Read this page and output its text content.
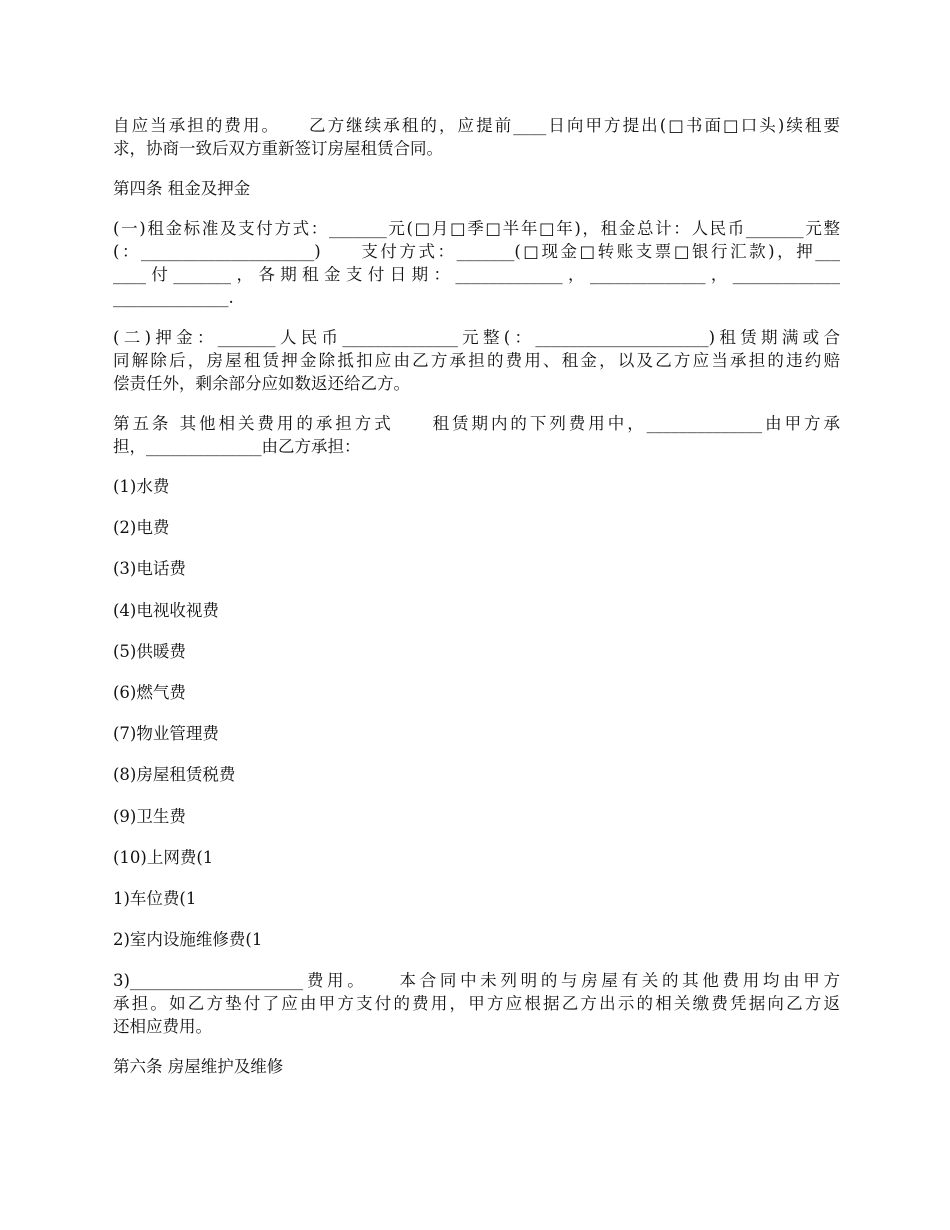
自应当承担的费用。　　乙方继续承租的，应提前____日向甲方提出(□书面□口头)续租要
求，协商一致后双方重新签订房屋租赁合同。

第四条 租金及押金

(一)租金标准及支付方式：_______元(□月□季□半年□年)，租金总计：人民币_______元整
(：_____________________)　　支付方式：_______(□现金□转账支票□银行汇款)，押___
____付_______，各期租金支付日期：_____________，______________，_____________
______________.

(二)押金：_______人民币______________元整(：_____________________)租赁期满或合
同解除后，房屋租赁押金除抵扣应由乙方承担的费用、租金，以及乙方应当承担的违约赔
偿责任外，剩余部分应如数返还给乙方。

第五条 其他相关费用的承担方式　　租赁期内的下列费用中，______________由甲方承
担，______________由乙方承担：

(1)水费

(2)电费

(3)电话费

(4)电视收视费

(5)供暖费

(6)燃气费

(7)物业管理费

(8)房屋租赁税费

(9)卫生费

(10)上网费(1

1)车位费(1

2)室内设施维修费(1

3)_____________________费用。　　本合同中未列明的与房屋有关的其他费用均由甲方
承担。如乙方垫付了应由甲方支付的费用，甲方应根据乙方出示的相关缴费凭据向乙方返
还相应费用。

第六条 房屋维护及维修
